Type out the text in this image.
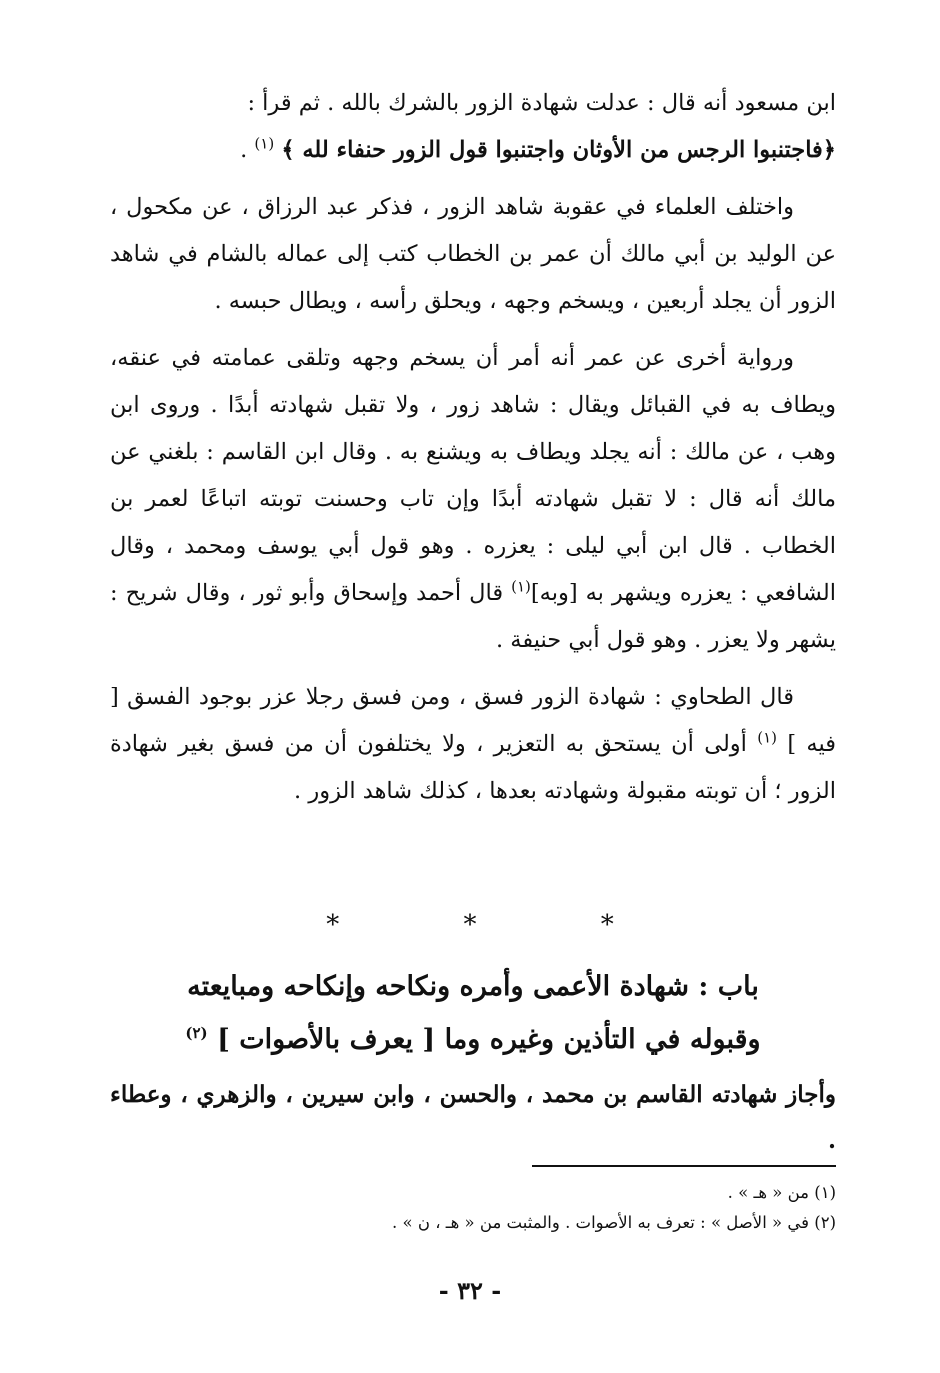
ابن مسعود أنه قال : عدلت شهادة الزور بالشرك بالله . ثم قرأ :
﴿فاجتنبوا الرجس من الأوثان واجتنبوا قول الزور حنفاء لله ﴾ $^{(١)}$ .

واختلف العلماء في عقوبة شاهد الزور ، فذكر عبد الرزاق ، عن مكحول ، عن الوليد بن أبي مالك أن عمر بن الخطاب كتب إلى عماله بالشام في شاهد الزور أن يجلد أربعين ، ويسخم وجهه ، ويحلق رأسه ، ويطال حبسه .

ورواية أخرى عن عمر أنه أمر أن يسخم وجهه وتلقى عمامته في عنقه، ويطاف به في القبائل ويقال : شاهد زور ، ولا تقبل شهادته أبدًا . وروى ابن وهب ، عن مالك : أنه يجلد ويطاف به ويشنع به . وقال ابن القاسم : بلغني عن مالك أنه قال : لا تقبل شهادته أبدًا وإن تاب وحسنت توبته اتباعًا لعمر بن الخطاب . قال ابن أبي ليلى : يعزره . وهو قول أبي يوسف ومحمد ، وقال الشافعي : يعزره ويشهر به [وبه]$^{(١)}$ قال أحمد وإسحاق وأبو ثور ، وقال شريح : يشهر ولا يعزر . وهو قول أبي حنيفة .

قال الطحاوي : شهادة الزور فسق ، ومن فسق رجلا عزر بوجود الفسق [ فيه ] $^{(١)}$ أولى أن يستحق به التعزير ، ولا يختلفون أن من فسق بغير شهادة الزور ؛ أن توبته مقبولة وشهادته بعدها ، كذلك شاهد الزور .

* * *
باب : شهادة الأعمى وأمره ونكاحه وإنكاحه ومبايعته
وقبوله في التأذين وغيره وما [ يعرف بالأصوات ] $^{(٢)}$
وأجاز شهادته القاسم بن محمد ، والحسن ، وابن سيرين ، والزهري ، وعطاء .
(١) من « هـ » .
(٢) في « الأصل » : تعرف به الأصوات . والمثبت من « هـ ، ن » .
- ٣٢ -
